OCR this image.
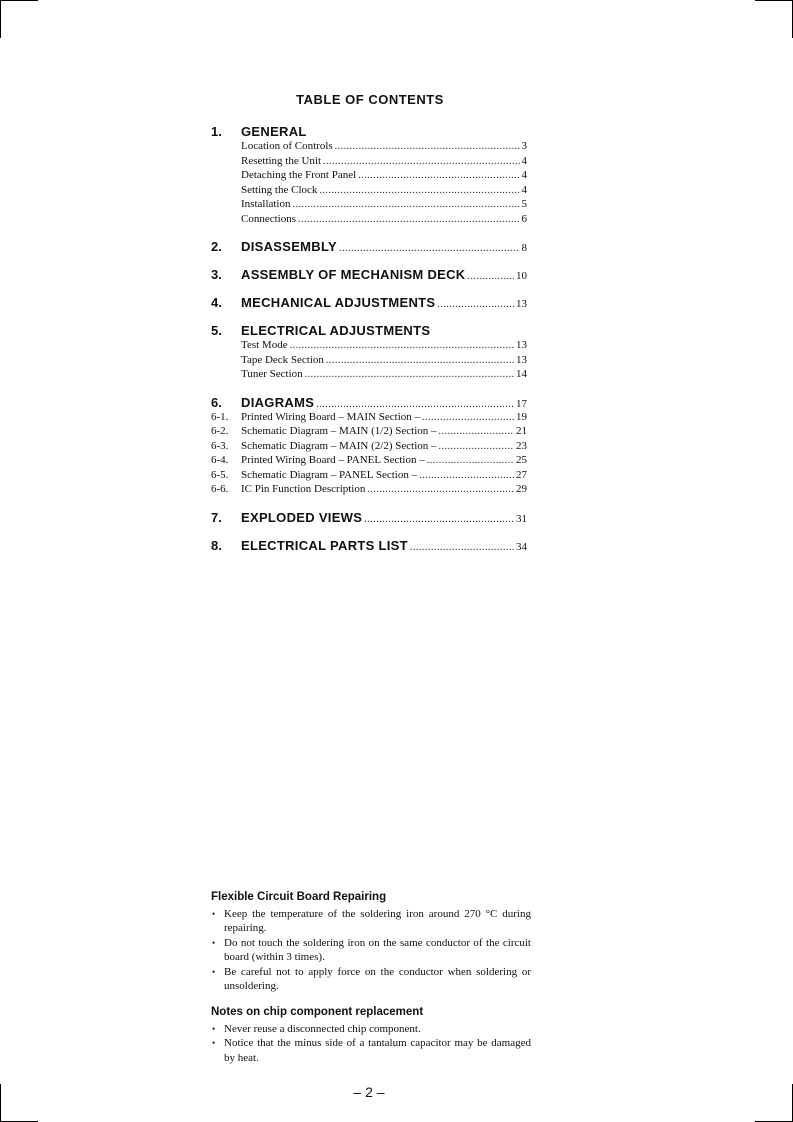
TABLE OF CONTENTS
1. GENERAL
Location of Controls .....	3
Resetting the Unit .....	4
Detaching the Front Panel .....	4
Setting the Clock .....	4
Installation .....	5
Connections .....	6
2. DISASSEMBLY .....	8
3. ASSEMBLY OF MECHANISM DECK .....	10
4. MECHANICAL ADJUSTMENTS .....	13
5. ELECTRICAL ADJUSTMENTS
Test Mode .....	13
Tape Deck Section .....	13
Tuner Section .....	14
6. DIAGRAMS .....	17
6-1.	Printed Wiring Board – MAIN Section – .....	19
6-2.	Schematic Diagram – MAIN (1/2) Section – .....	21
6-3.	Schematic Diagram – MAIN (2/2) Section – .....	23
6-4.	Printed Wiring Board – PANEL Section – .....	25
6-5.	Schematic Diagram – PANEL Section – .....	27
6-6.	IC Pin Function Description .....	29
7. EXPLODED VIEWS .....	31
8. ELECTRICAL PARTS LIST .....	34
Flexible Circuit Board Repairing
• Keep the temperature of the soldering iron around 270 °C during repairing.
• Do not touch the soldering iron on the same conductor of the circuit board (within 3 times).
• Be careful not to apply force on the conductor when soldering or unsoldering.
Notes on chip component replacement
• Never reuse a disconnected chip component.
• Notice that the minus side of a tantalum capacitor may be damaged by heat.
– 2 –
